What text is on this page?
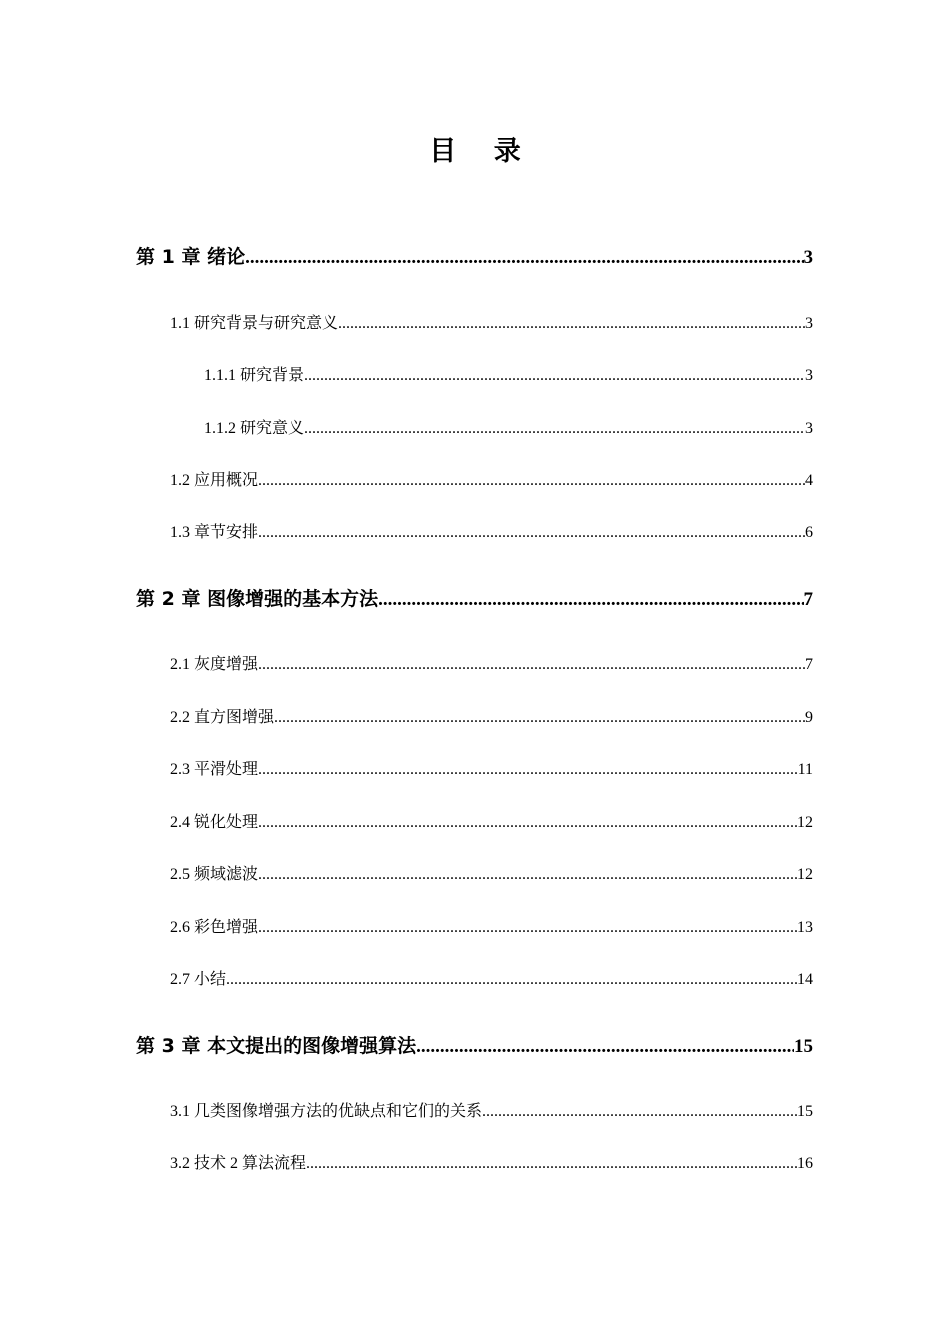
目 录
第 1 章 绪论 .....	3
1.1 研究背景与研究意义 .....	3
1.1.1 研究背景 .....	3
1.1.2 研究意义 .....	3
1.2 应用概况 .....	4
1.3 章节安排 .....	6
第 2 章 图像增强的基本方法 .....	7
2.1 灰度增强 .....	7
2.2 直方图增强 .....	9
2.3 平滑处理 .....	11
2.4 锐化处理 .....	12
2.5 频域滤波 .....	12
2.6 彩色增强 .....	13
2.7 小结 .....	14
第 3 章 本文提出的图像增强算法 .....	15
3.1 几类图像增强方法的优缺点和它们的关系 .....	15
3.2 技术 2 算法流程 .....	16
